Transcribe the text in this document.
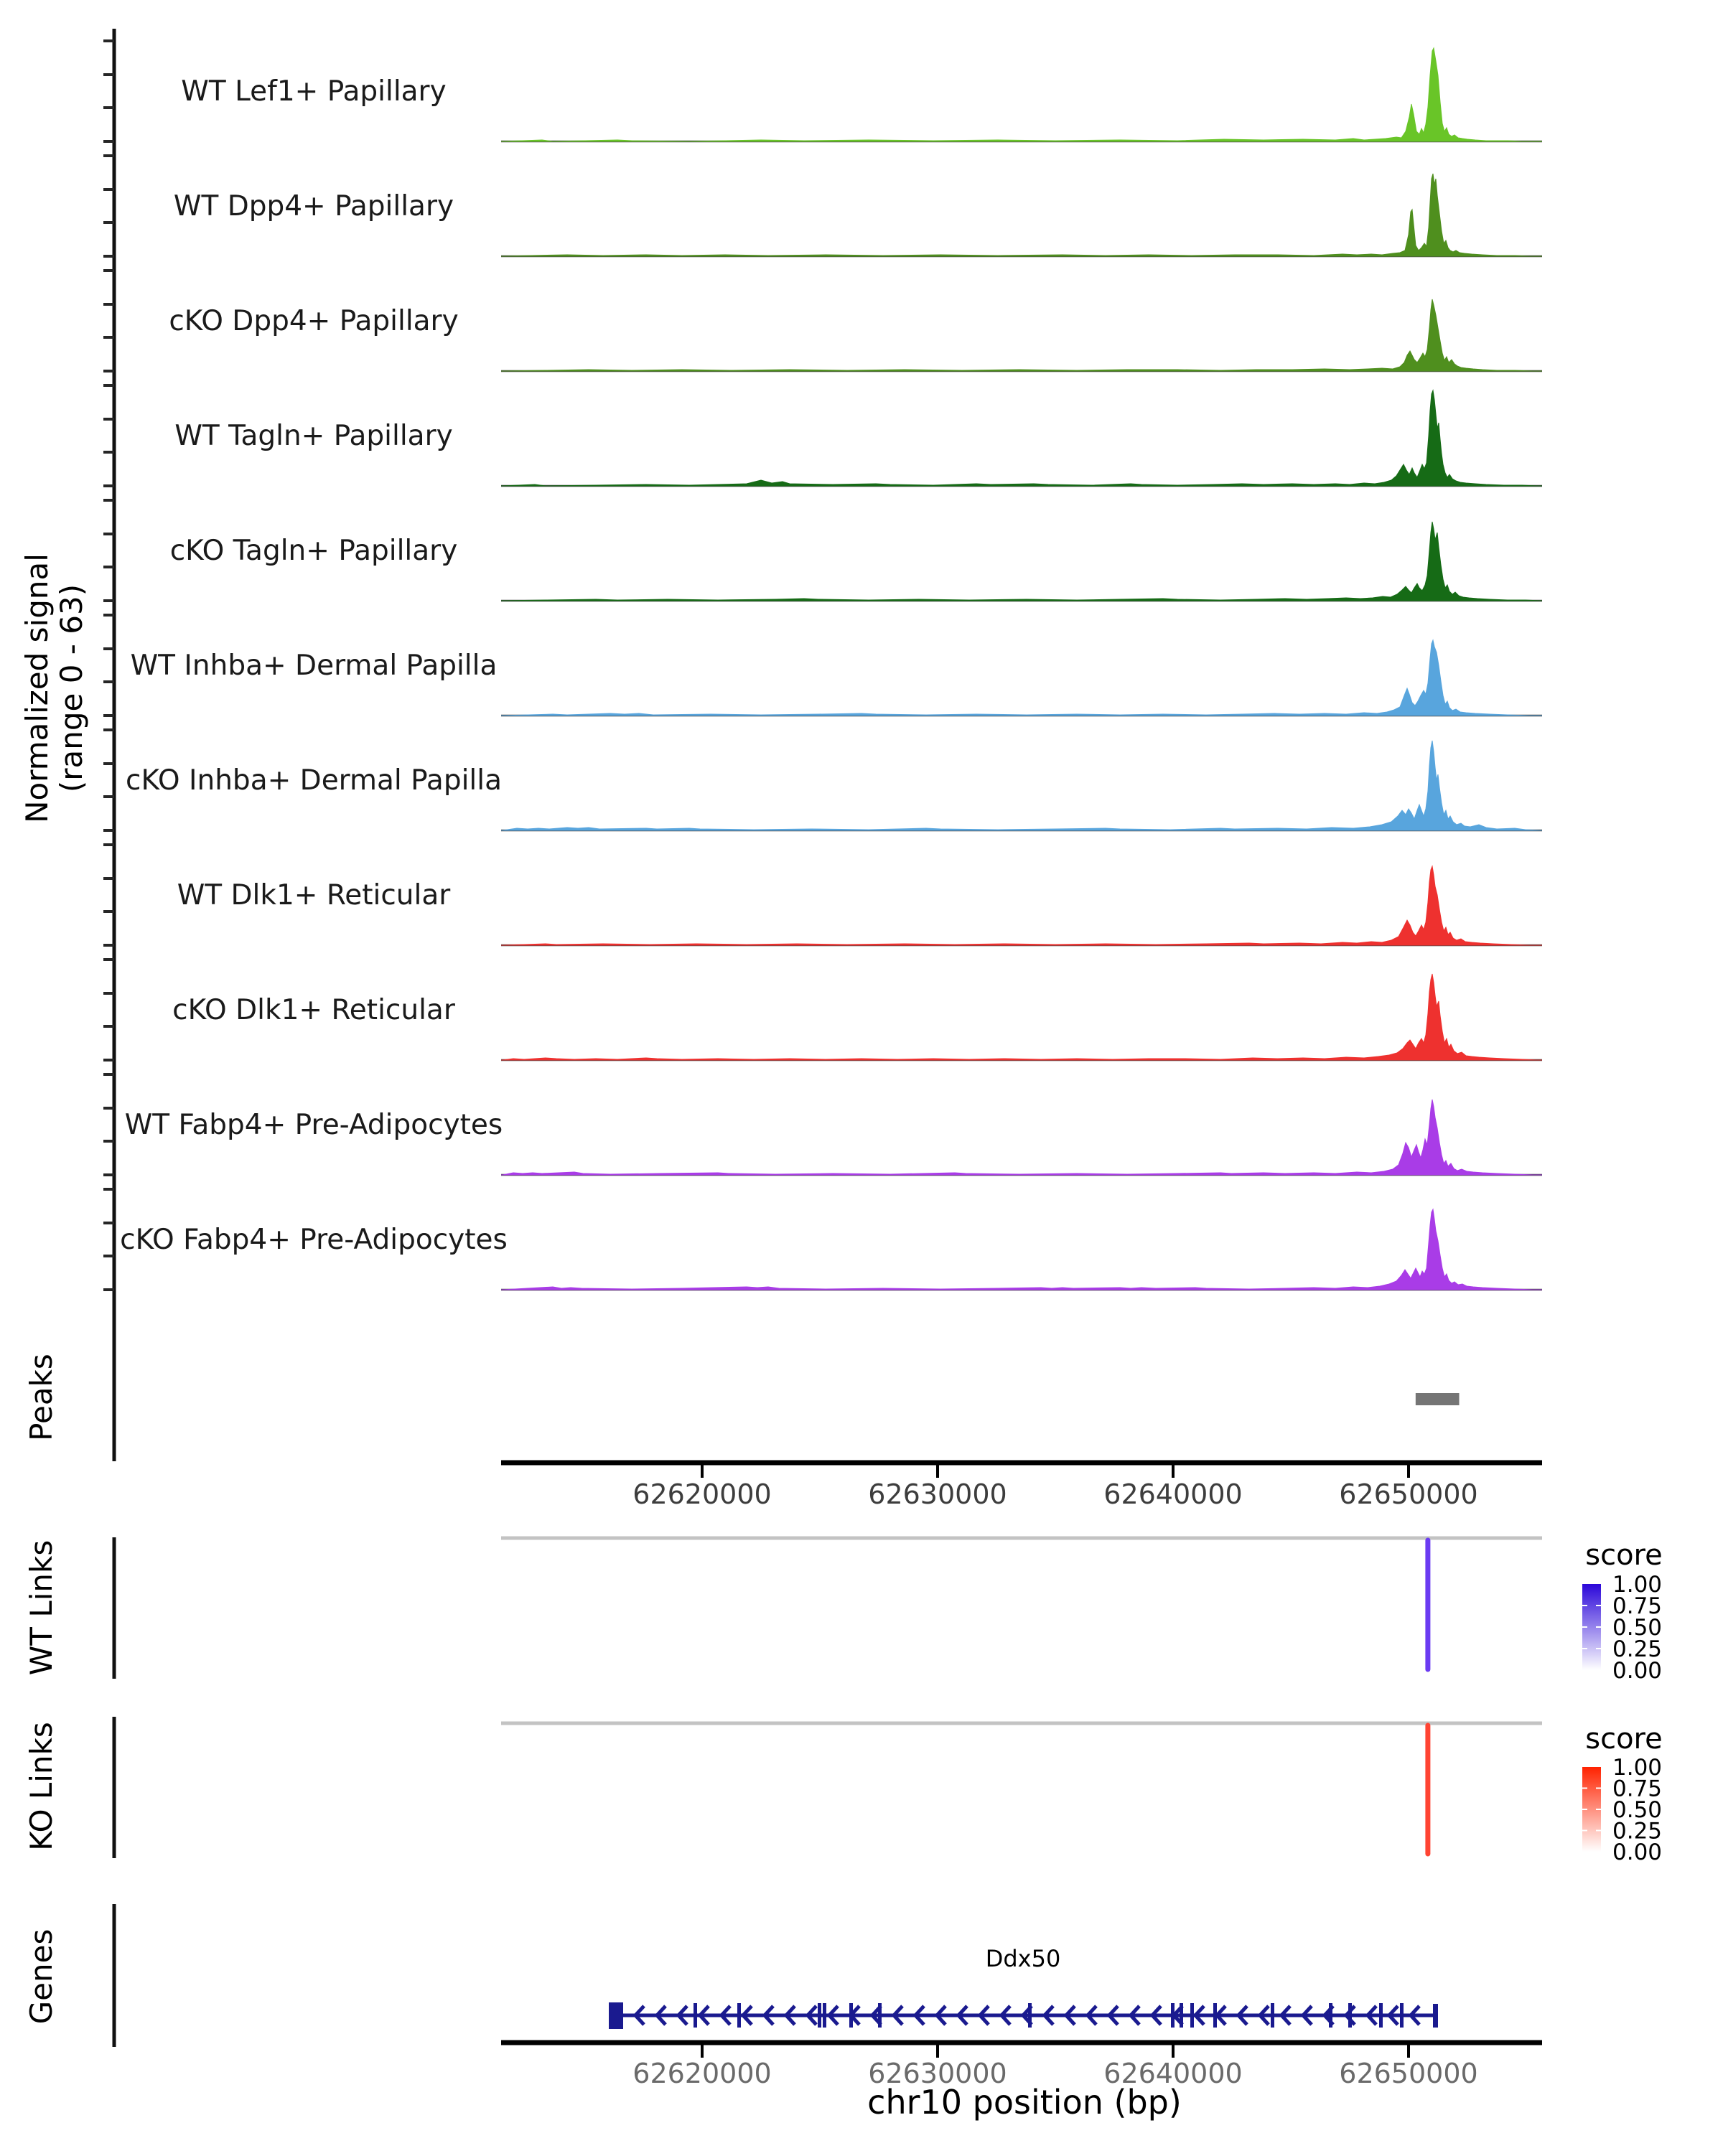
62620000	62630000	62640000	62650000
62620000	62630000	62640000	62650000
WT Lef1+ Papillary
WT Dpp4+ Papillary
cKO Dpp4+ Papillary
WT Tagln+ Papillary
cKO Tagln+ Papillary
WT Inhba+ Dermal Papilla
cKO Inhba+ Dermal Papilla
WT Dlk1+ Reticular
cKO Dlk1+ Reticular
WT Fabp4+ Pre-Adipocytes
cKO Fabp4+ Pre-Adipocytes
1.00
0.75
0.50
0.25
0.00
1.00
0.75
0.50
0.25
0.00
Normalized signal (range 0 - 63)
Peaks
WT Links
KO Links
Genes
score
score
Ddx50
chr10 position (bp)
